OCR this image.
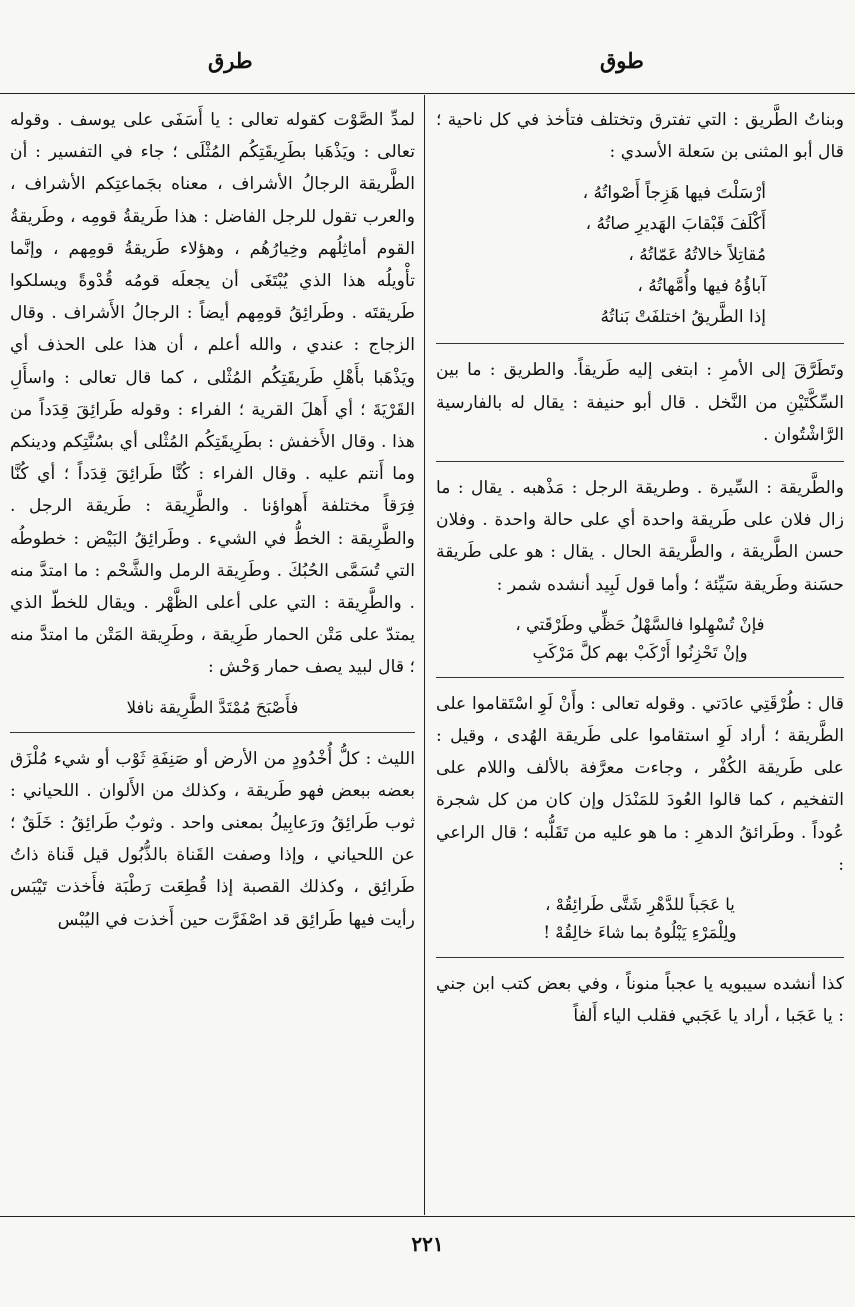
طوق
طرق

وبناتُ الطَّريق : التي تفترق وتختلف فتأخذ في كل ناحية ؛ قال أبو المثنى بن سَعلة الأسدي :

أرْسَلْتَ فيها هَزِجاً أَصْواتُهُ ،
أَكْلَفَ قَبْقابَ الهَديرِ صاتُهُ ،
مُقاتِلاً خالاتُهُ عَمّاتُهُ ،
آباؤُهُ فيها وأُمَّهاتُهُ ،
إذا الطَّريقُ اختلفَتْ بَناتُهُ

وتَطَرَّقَ إلى الأمرِ : ابتغى إليه طَريقاً. والطريق : ما بين السِّكَّتَيْنِ من النَّخل . قال أبو حنيفة : يقال له بالفارسية الرَّاشْتُوان .

والطَّريقة : السِّيرة . وطريقة الرجل : مَذْهبه . يقال : ما زال فلان على طَريقة واحدة أي على حالة واحدة . وفلان حسن الطَّريقة ، والطَّريقة الحال . يقال : هو على طَريقة حسَنة وطَريقة سَيِّئة ؛ وأما قول لَبِيد أنشده شمر :

فإنْ تُسْهِلوا فالسَّهْلُ حَظِّي وطَرْقَتي ،
وإنْ تَحْزِنُوا أَرْكَبْ بهم كلَّ مَرْكَبِ

قال : طُرْقَتِي عادَتي . وقوله تعالى : وأَنْ لَوِ اسْتَقاموا على الطَّريقة ؛ أراد لَوِ استقاموا على طَريقة الهُدى ، وقيل : على طَريقة الكُفْر ، وجاءت معرَّفة بالألف واللام على التفخيم ، كما قالوا العُودَ للمَنْدَل وإن كان من كل شجرة عُوداً . وطَرائقُ الدهرِ : ما هو عليه من تَقَلُّبه ؛ قال الراعي :

يا عَجَباً للدَّهْرِ شَتَّى طَرائِقُهْ ،
ولِلْمَرْءِ يَبْلُوهُ بما شاءَ خالِقُهْ !

كذا أنشده سيبويه يا عجباً منوناً ، وفي بعض كتب ابن جني : يا عَجَبا ، أراد يا عَجَبي فقلب الياء أَلفاً

لمدِّ الصَّوْت كقوله تعالى : يا أَسَفَى على يوسف . وقوله تعالى : ويَذْهَبا بطَرِيقَتِكُم المُثْلَى ؛ جاء في التفسير : أن الطَّريقة الرجالُ الأشراف ، معناه بجَماعتِكم الأشراف ، والعرب تقول للرجل الفاضل : هذا طَريقةُ قومِه ، وطَريقةُ القوم أماثِلُهم وخِيارُهُم ، وهؤلاء طَريقةُ قومِهم ، وإنَّما تأْويلُه هذا الذي يُبْتَغَى أن يجعلَه قومُه قُدْوةً ويسلكوا طَريقتَه . وطَرائِقُ قومِهم أيضاً : الرجالُ الأَشراف . وقال الزجاج : عندي ، والله أعلم ، أن هذا على الحذف أي ويَذْهَبا بأَهْلِ طَريقَتِكُم المُثْلى ، كما قال تعالى : واسأَلِ القَرْيَةَ ؛ أي أَهلَ القرية ؛ الفراء : وقوله طَرائِقَ قِدَداً من هذا . وقال الأَخفش : بطَرِيقَتِكُم المُثْلى أي بسُنَّتِكم ودينكم وما أَنتم عليه . وقال الفراء : كُنَّا طَرائِقَ قِدَداً ؛ أي كُنَّا فِرَقاً مختلفة أَهواؤنا . والطَّرِيقة : طَريقة الرجل . والطَّرِيقة : الخطُّ في الشيء . وطَرائِقُ البَيْض : خطوطُه التي تُسَمَّى الحُبُكَ . وطَرِيقة الرمل والشَّحْم : ما امتدَّ منه . والطَّرِيقة : التي على أعلى الظَّهْر . ويقال للخطّ الذي يمتدّ على مَتْن الحمار طَرِيقة ، وطَرِيقة المَتْن ما امتدَّ منه ؛ قال لبيد يصف حمار وَحْش :

فأَصْبَحَ مُمْتَدَّ الطَّرِيقة نافلا

الليث : كلُّ أُخْدُودٍ من الأرض أو صَنِفَةِ ثَوْب أو شيء مُلْزَق بعضه ببعض فهو طَريقة ، وكذلك من الأَلوان . اللحياني : ثوب طَرائِقُ ورَعابِيلُ بمعنى واحد . وثوبٌ طَرائِقُ : خَلَقٌ ؛ عن اللحياني ، وإذا وصفت القَناة بالذُّبُول قيل قَناة ذاتُ طَرائِق ، وكذلك القصبة إذا قُطِعَت رَطْبَة فأَخذت تَيْبَس رأيت فيها طَرائِق قد اصْفَرَّت حين أَخذت في اليُبْس

٢٢١
